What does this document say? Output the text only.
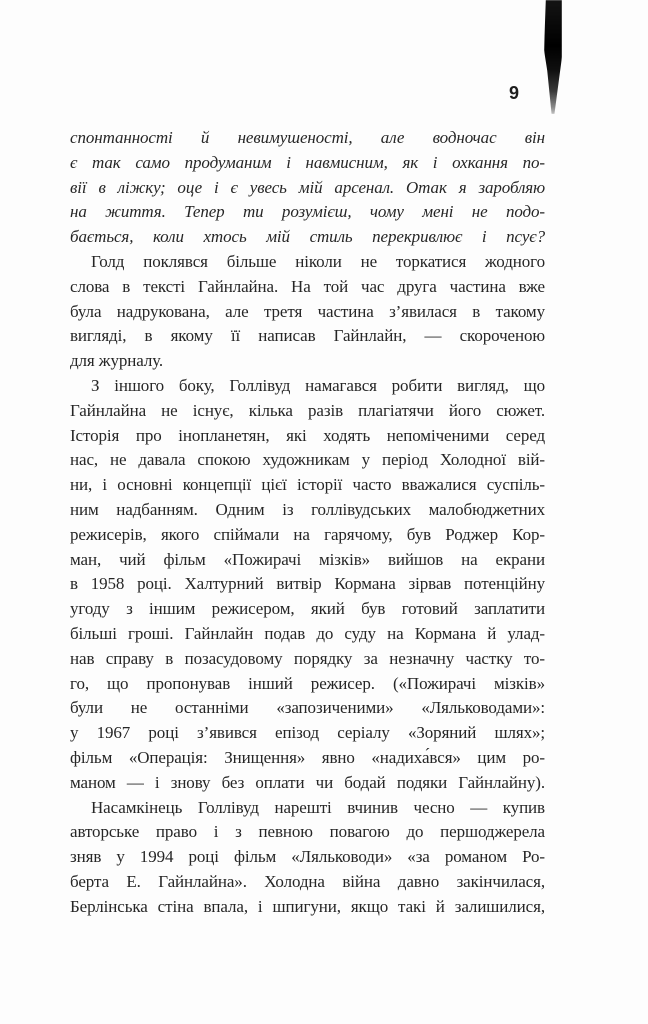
9

спонтанності й невимушеності, але водночас він
є так само продуманим і навмисним, як і охкання по-
вії в ліжку; оце і є увесь мій арсенал. Отак я заробляю
на життя. Тепер ти розумієш, чому мені не подо-
бається, коли хтось мій стиль перекривлює і псує?

Голд поклявся більше ніколи не торкатися жодного
слова в тексті Гайнлайна. На той час друга частина вже
була надрукована, але третя частина з’явилася в такому
вигляді, в якому її написав Гайнлайн, — скороченою
для журналу.

З іншого боку, Голлівуд намагався робити вигляд, що
Гайнлайна не існує, кілька разів плагіатячи його сюжет.
Історія про інопланетян, які ходять непоміченими серед
нас, не давала спокою художникам у період Холодної вій-
ни, і основні концепції цієї історії часто вважалися суспіль-
ним надбанням. Одним із голлівудських малобюджетних
режисерів, якого спіймали на гарячому, був Роджер Кор-
ман, чий фільм «Пожирачі мізків» вийшов на екрани
в 1958 році. Халтурний витвір Кормана зірвав потенційну
угоду з іншим режисером, який був готовий заплатити
більші гроші. Гайнлайн подав до суду на Кормана й улад-
нав справу в позасудовому порядку за незначну частку то-
го, що пропонував інший режисер. («Пожирачі мізків»
були не останніми «запозиченими» «Ляльководами»:
у 1967 році з’явився епізод серіалу «Зоряний шлях»;
фільм «Операція: Знищення» явно «надиха́вся» цим ро-
маном — і знову без оплати чи бодай подяки Гайнлайну).

Насамкінець Голлівуд нарешті вчинив чесно — купив
авторське право і з певною повагою до першоджерела
зняв у 1994 році фільм «Ляльководи» «за романом Ро-
берта Е. Гайнлайна». Холодна війна давно закінчилася,
Берлінська стіна впала, і шпигуни, якщо такі й залишилися,
